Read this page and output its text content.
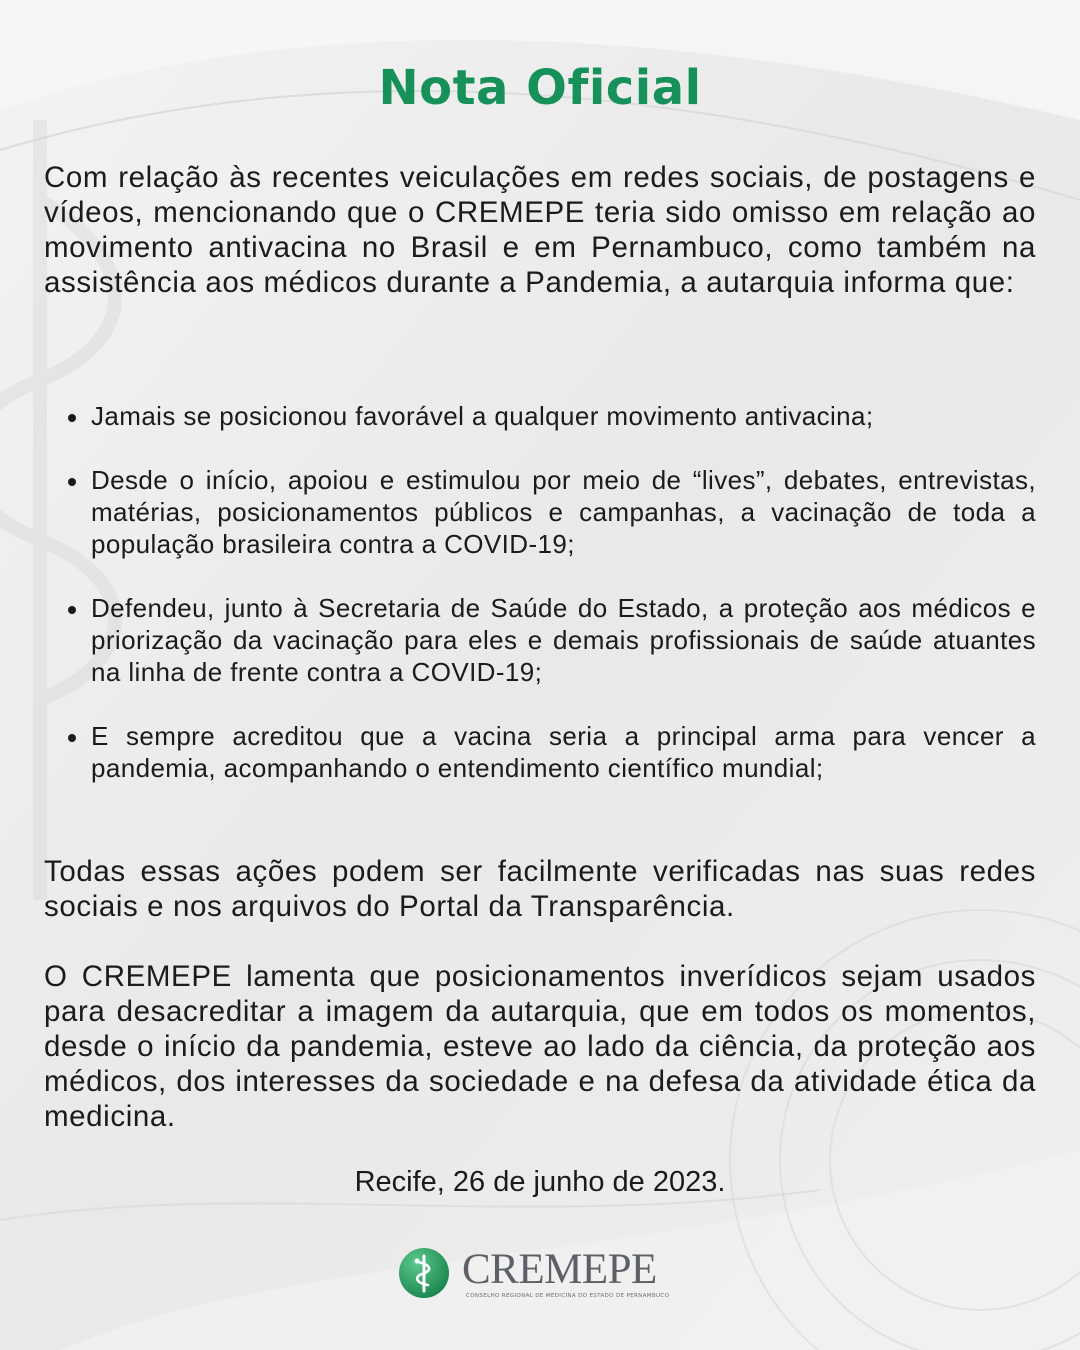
Nota Oficial

Com relação às recentes veiculações em redes sociais, de postagens e vídeos, mencionando que o CREMEPE teria sido omisso em relação ao movimento antivacina no Brasil e em Pernambuco, como também na assistência aos médicos durante a Pandemia, a autarquia informa que:

Jamais se posicionou favorável a qualquer movimento antivacina;
Desde o início, apoiou e estimulou por meio de “lives”, debates, entrevistas, matérias, posicionamentos públicos e campanhas, a vacinação de toda a população brasileira contra a COVID-19;
Defendeu, junto à Secretaria de Saúde do Estado, a proteção aos médicos e priorização da vacinação para eles e demais profissionais de saúde atuantes na linha de frente contra a COVID-19;
E sempre acreditou que a vacina seria a principal arma para vencer a pandemia, acompanhando o entendimento científico mundial;

Todas essas ações podem ser facilmente verificadas nas suas redes sociais e nos arquivos do Portal da Transparência.

O CREMEPE lamenta que posicionamentos inverídicos sejam usados para desacreditar a imagem da autarquia, que em todos os momentos, desde o início da pandemia, esteve ao lado da ciência, da proteção aos médicos, dos interesses da sociedade e na defesa da atividade ética da medicina.

Recife, 26 de junho de 2023.
CREMEPE
CONSELHO REGIONAL DE MEDICINA DO ESTADO DE PERNAMBUCO
